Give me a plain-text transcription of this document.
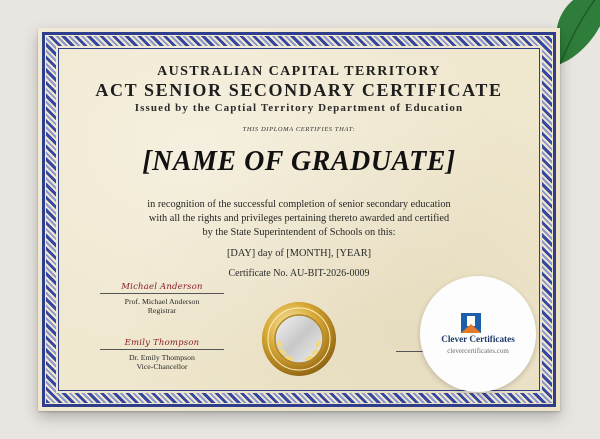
AUSTRALIAN CAPITAL TERRITORY
ACT SENIOR SECONDARY CERTIFICATE
Issued by the Captial Territory Department of Education
THIS DIPLOMA CERTIFIES THAT:
[NAME OF GRADUATE]
in recognition of the successful completion of senior secondary education
with all the rights and privileges pertaining thereto awarded and certified
by the State Superintendent of Schools on this:
[DAY] day of [MONTH], [YEAR]
Certificate No. AU-BIT-2026-0009
Michael Anderson
Prof. Michael Anderson
Registrar
Emily Thompson
Dr. Emily Thompson
Vice-Chancellor
Clever Certificates
clevercertificates.com
